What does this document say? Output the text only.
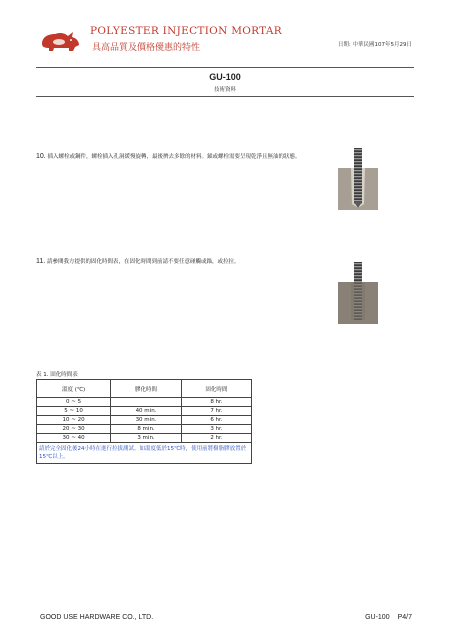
POLYESTER INJECTION MORTAR
具高品質及價格優惠的特性	日期: 中華民國107年5月29日
GU-100
技術資料
10. 插入螺栓或鋼件，螺栓插入孔洞緩慢旋轉，最後擠去多餘的材料。錨或螺栓需要呈現乾淨且無油的狀態。
11. 請參閱我方提供的固化時間表，在固化時間到前請不要任意碰觸或錨，或拉拉。
表 1. 固化時間表
溫度 (℃)	膠化時間	固化時間
0 ~ 5		8 hr.
5 ~ 10	40 min.	7 hr.
10 ~ 20	30 min.	6 hr.
20 ~ 30	8 min.	3 hr.
30 ~ 40	3 min.	2 hr.
請於完全固化後24小時在進行拉拔測試。如溫度低於15℃時，使用前將樹脂膠放置於15℃以上。		
GOOD USE HARDWARE CO., LTD.	GU-100 P4/7
